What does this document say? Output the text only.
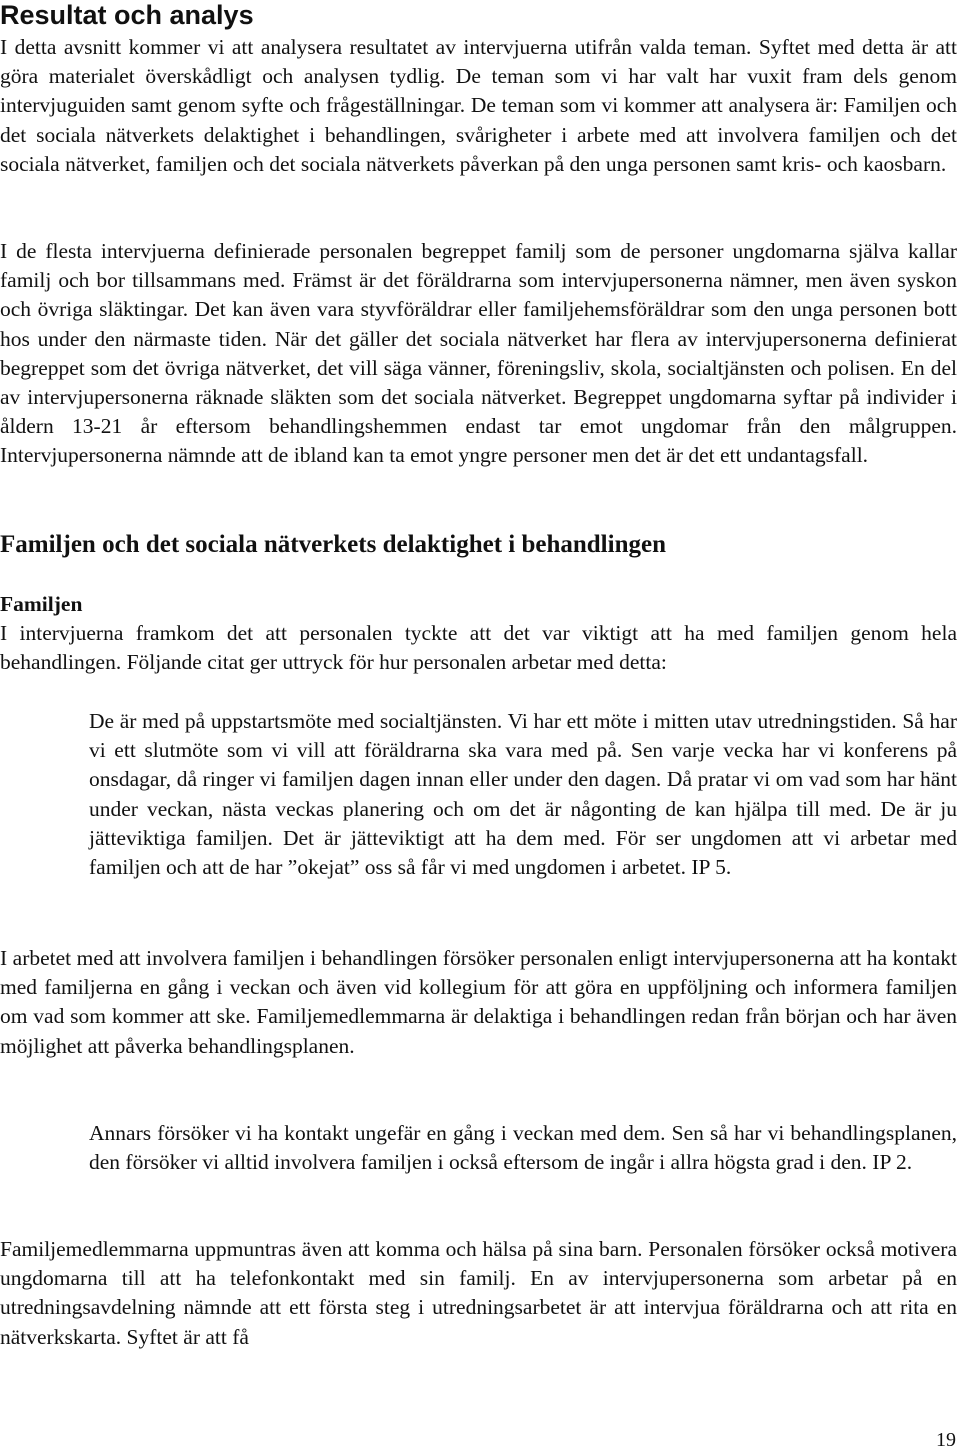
Resultat och analys

I detta avsnitt kommer vi att analysera resultatet av intervjuerna utifrån valda teman. Syftet med detta är att göra materialet överskådligt och analysen tydlig. De teman som vi har valt har vuxit fram dels genom intervjuguiden samt genom syfte och frågeställningar. De teman som vi kommer att analysera är: Familjen och det sociala nätverkets delaktighet i behandlingen, svårigheter i arbete med att involvera familjen och det sociala nätverket, familjen och det sociala nätverkets påverkan på den unga personen samt kris- och kaosbarn.

I de flesta intervjuerna definierade personalen begreppet familj som de personer ungdomarna själva kallar familj och bor tillsammans med. Främst är det föräldrarna som intervjupersonerna nämner, men även syskon och övriga släktingar. Det kan även vara styvföräldrar eller familjehemsföräldrar som den unga personen bott hos under den närmaste tiden. När det gäller det sociala nätverket har flera av intervjupersonerna definierat begreppet som det övriga nätverket, det vill säga vänner, föreningsliv, skola, socialtjänsten och polisen. En del av intervjupersonerna räknade släkten som det sociala nätverket. Begreppet ungdomarna syftar på individer i åldern 13-21 år eftersom behandlingshemmen endast tar emot ungdomar från den målgruppen. Intervjupersonerna nämnde att de ibland kan ta emot yngre personer men det är det ett undantagsfall.

Familjen och det sociala nätverkets delaktighet i behandlingen
Familjen

I intervjuerna framkom det att personalen tyckte att det var viktigt att ha med familjen genom hela behandlingen. Följande citat ger uttryck för hur personalen arbetar med detta:

De är med på uppstartsmöte med socialtjänsten. Vi har ett möte i mitten utav utredningstiden. Så har vi ett slutmöte som vi vill att föräldrarna ska vara med på. Sen varje vecka har vi konferens på onsdagar, då ringer vi familjen dagen innan eller under den dagen. Då pratar vi om vad som har hänt under veckan, nästa veckas planering och om det är någonting de kan hjälpa till med. De är ju jätteviktiga familjen. Det är jätteviktigt att ha dem med. För ser ungdomen att vi arbetar med familjen och att de har ”okejat” oss så får vi med ungdomen i arbetet. IP 5.

I arbetet med att involvera familjen i behandlingen försöker personalen enligt intervjupersonerna att ha kontakt med familjerna en gång i veckan och även vid kollegium för att göra en uppföljning och informera familjen om vad som kommer att ske. Familjemedlemmarna är delaktiga i behandlingen redan från början och har även möjlighet att påverka behandlingsplanen.

Annars försöker vi ha kontakt ungefär en gång i veckan med dem. Sen så har vi behandlingsplanen, den försöker vi alltid involvera familjen i också eftersom de ingår i allra högsta grad i den. IP 2.

Familjemedlemmarna uppmuntras även att komma och hälsa på sina barn. Personalen försöker också motivera ungdomarna till att ha telefonkontakt med sin familj. En av intervjupersonerna som arbetar på en utredningsavdelning nämnde att ett första steg i utredningsarbetet är att intervjua föräldrarna och att rita en nätverkskarta. Syftet är att få

19
